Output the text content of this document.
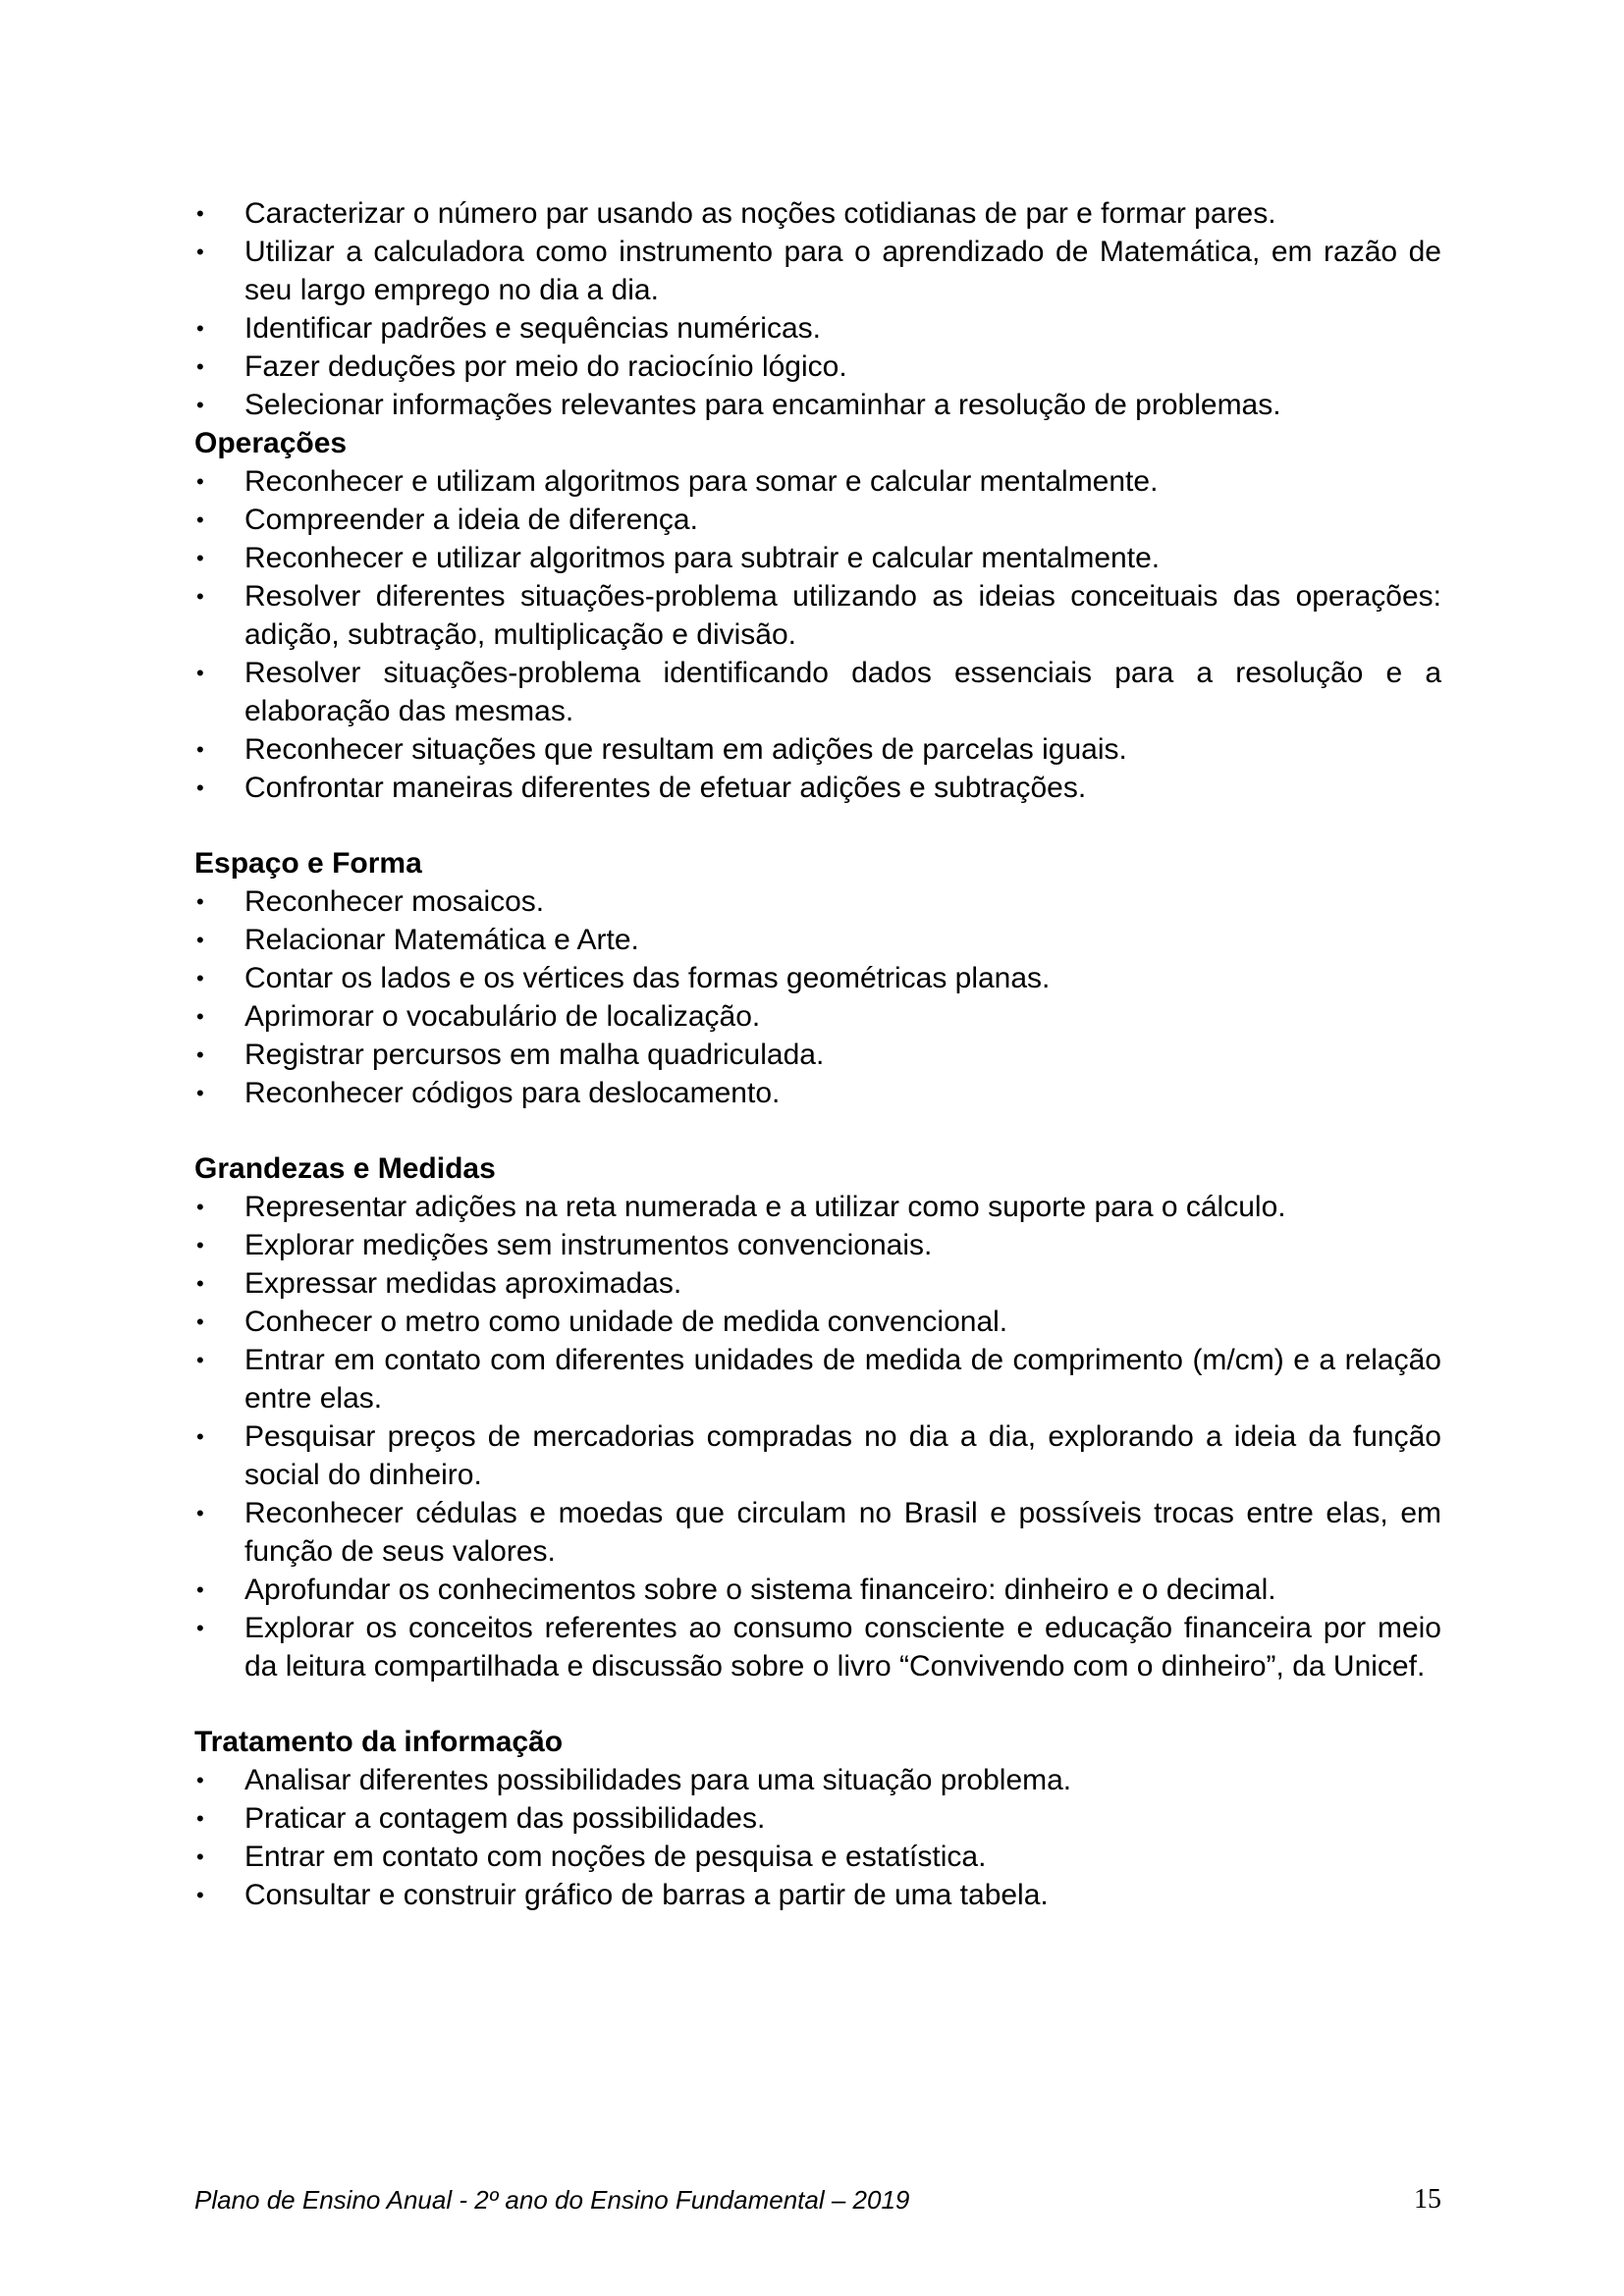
• Caracterizar o número par usando as noções cotidianas de par e formar pares.
• Utilizar a calculadora como instrumento para o aprendizado de Matemática, em razão de seu largo emprego no dia a dia.
• Identificar padrões e sequências numéricas.
• Fazer deduções por meio do raciocínio lógico.
• Selecionar informações relevantes para encaminhar a resolução de problemas.

Operações

• Reconhecer e utilizam algoritmos para somar e calcular mentalmente.
• Compreender a ideia de diferença.
• Reconhecer e utilizar algoritmos para subtrair e calcular mentalmente.
• Resolver diferentes situações-problema utilizando as ideias conceituais das operações: adição, subtração, multiplicação e divisão.
• Resolver situações-problema identificando dados essenciais para a resolução e a elaboração das mesmas.
• Reconhecer situações que resultam em adições de parcelas iguais.
• Confrontar maneiras diferentes de efetuar adições e subtrações.

Espaço e Forma

• Reconhecer mosaicos.
• Relacionar Matemática e Arte.
• Contar os lados e os vértices das formas geométricas planas.
• Aprimorar o vocabulário de localização.
• Registrar percursos em malha quadriculada.
• Reconhecer códigos para deslocamento.

Grandezas e Medidas

• Representar adições na reta numerada e a utilizar como suporte para o cálculo.
• Explorar medições sem instrumentos convencionais.
• Expressar medidas aproximadas.
• Conhecer o metro como unidade de medida convencional.
• Entrar em contato com diferentes unidades de medida de comprimento (m/cm) e a relação entre elas.
• Pesquisar preços de mercadorias compradas no dia a dia, explorando a ideia da função social do dinheiro.
• Reconhecer cédulas e moedas que circulam no Brasil e possíveis trocas entre elas, em função de seus valores.
• Aprofundar os conhecimentos sobre o sistema financeiro: dinheiro e o decimal.
• Explorar os conceitos referentes ao consumo consciente e educação financeira por meio da leitura compartilhada e discussão sobre o livro “Convivendo com o dinheiro”, da Unicef.

Tratamento da informação

• Analisar diferentes possibilidades para uma situação problema.
• Praticar a contagem das possibilidades.
• Entrar em contato com noções de pesquisa e estatística.
• Consultar e construir gráfico de barras a partir de uma tabela.
Plano de Ensino Anual - 2º ano do Ensino Fundamental – 2019	15
